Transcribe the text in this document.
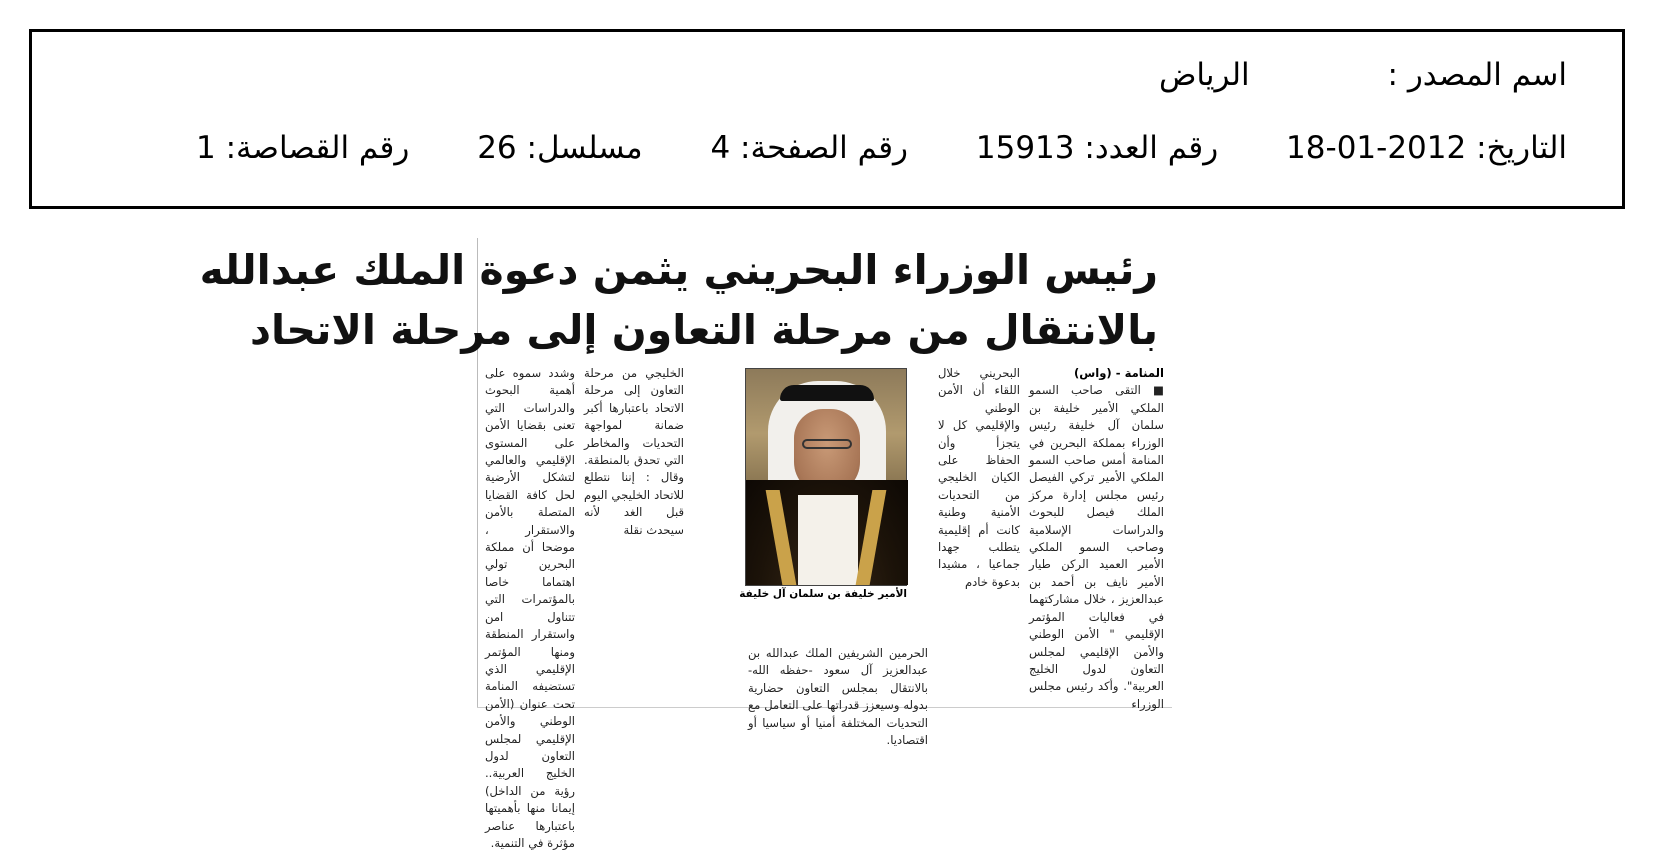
اسم المصدر : الرياض
التاريخ: 2012-01-18 رقم العدد: 15913 رقم الصفحة: 4 مسلسل: 26 رقم القصاصة: 1
رئيس الوزراء البحريني يثمن دعوة الملك عبدالله
بالانتقال من مرحلة التعاون إلى مرحلة الاتحاد

المنامة - (واس)

■ التقى صاحب السمو الملكي الأمير خليفة بن سلمان آل خليفة رئيس الوزراء بمملكة البحرين في المنامة أمس صاحب السمو الملكي الأمير تركي الفيصل رئيس مجلس إدارة مركز الملك فيصل للبحوث والدراسات الإسلامية وصاحب السمو الملكي الأمير العميد الركن طيار الأمير نايف بن أحمد بن عبدالعزيز ، خلال مشاركتهما في فعاليات المؤتمر الإقليمي " الأمن الوطني والأمن الإقليمي لمجلس التعاون لدول الخليج العربية". وأكد رئيس مجلس الوزراء

البحريني خلال اللقاء أن الأمن الوطني والإقليمي كل لا يتجزأ وأن الحفاظ على الكيان الخليجي من التحديات الأمنية وطنية كانت أم إقليمية يتطلب جهدا جماعيا ، مشيدا بدعوة خادم

الحرمين الشريفين الملك عبدالله بن عبدالعزيز آل سعود -حفظه الله- بالانتقال بمجلس التعاون حضارية بدوله وسيعزز قدراتها على التعامل مع التحديات المختلفة أمنيا أو سياسيا أو اقتصاديا.

الأمير خليفة بن سلمان آل خليفة

الخليجي من مرحلة التعاون إلى مرحلة الاتحاد باعتبارها أكبر ضمانة لمواجهة التحديات والمخاطر التي تحدق بالمنطقة. وقال : إننا نتطلع للاتحاد الخليجي اليوم قبل الغد لأنه سيحدث نقلة

وشدد سموه على أهمية البحوث والدراسات التي تعنى بقضايا الأمن على المستوى الإقليمي والعالمي لتشكل الأرضية لحل كافة القضايا المتصلة بالأمن والاستقرار ، موضحا أن مملكة البحرين تولي اهتماما خاصا بالمؤتمرات التي تتناول امن واستقرار المنطقة ومنها المؤتمر الإقليمي الذي تستضيفه المنامة تحت عنوان (الأمن الوطني والأمن الإقليمي لمجلس التعاون لدول الخليج العربية.. رؤية من الداخل) إيمانا منها بأهميتها باعتبارها عناصر مؤثرة في التنمية.
